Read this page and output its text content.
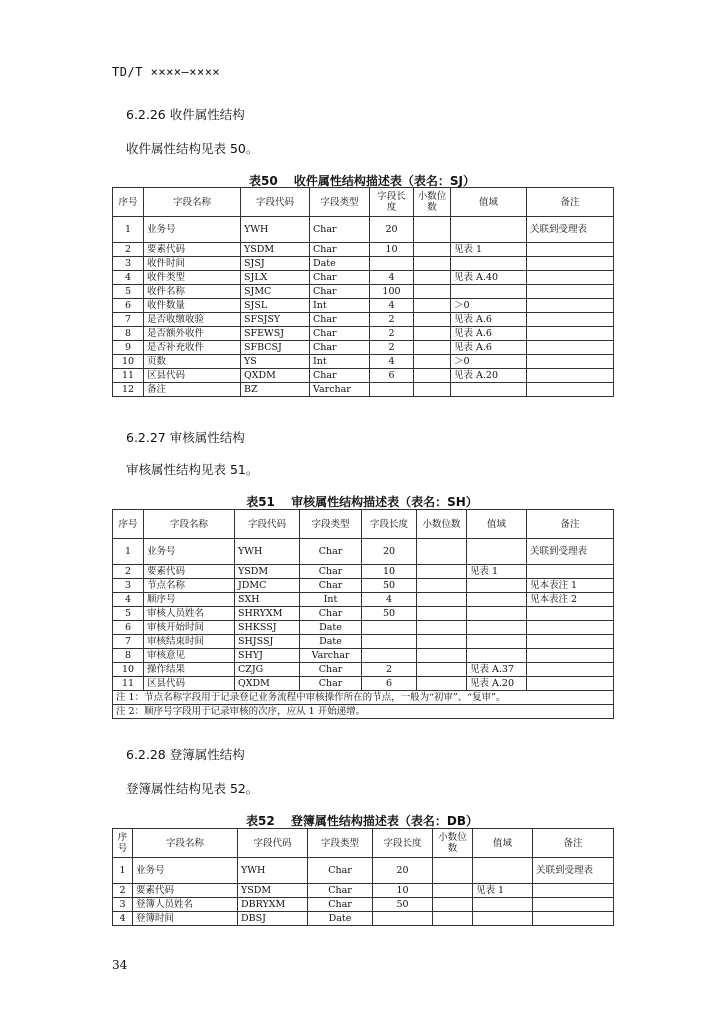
TD/T ××××—××××
6.2.26 收件属性结构
收件属性结构见表 50。
表50　 收件属性结构描述表（表名：SJ）
序号	字段名称	字段代码	字段类型	字段长度	小数位数	值域	备注
1	业务号	YWH	Char	20			关联到受理表
2	要素代码	YSDM	Char	10		见表 1	
3	收件时间	SJSJ	Date				
4	收件类型	SJLX	Char	4		见表 A.40	
5	收件名称	SJMC	Char	100			
6	收件数量	SJSL	Int	4		＞0	
7	是否收缴收验	SFSJSY	Char	2		见表 A.6	
8	是否额外收件	SFEWSJ	Char	2		见表 A.6	
9	是否补充收件	SFBCSJ	Char	2		见表 A.6	
10	页数	YS	Int	4		＞0	
11	区县代码	QXDM	Char	6		见表 A.20	
12	备注	BZ	Varchar				
6.2.27 审核属性结构
审核属性结构见表 51。
表51　 审核属性结构描述表（表名：SH）
序号	字段名称	字段代码	字段类型	字段长度	小数位数	值域	备注
1	业务号	YWH	Char	20			关联到受理表
2	要素代码	YSDM	Char	10		见表 1	
3	节点名称	JDMC	Char	50			见本表注 1
4	顺序号	SXH	Int	4			见本表注 2
5	审核人员姓名	SHRYXM	Char	50			
6	审核开始时间	SHKSSJ	Date				
7	审核结束时间	SHJSSJ	Date				
8	审核意见	SHYJ	Varchar				
10	操作结果	CZJG	Char	2		见表 A.37	
11	区县代码	QXDM	Char	6		见表 A.20	
注 1：节点名称字段用于记录登记业务流程中审核操作所在的节点，一般为“初审”、“复审”。							
注 2：顺序号字段用于记录审核的次序，应从 1 开始递增。							
6.2.28 登簿属性结构
登簿属性结构见表 52。
表52　 登簿属性结构描述表（表名：DB）
序号	字段名称	字段代码	字段类型	字段长度	小数位数	值域	备注
1	业务号	YWH	Char	20			关联到受理表
2	要素代码	YSDM	Char	10		见表 1	
3	登簿人员姓名	DBRYXM	Char	50			
4	登簿时间	DBSJ	Date				
34
